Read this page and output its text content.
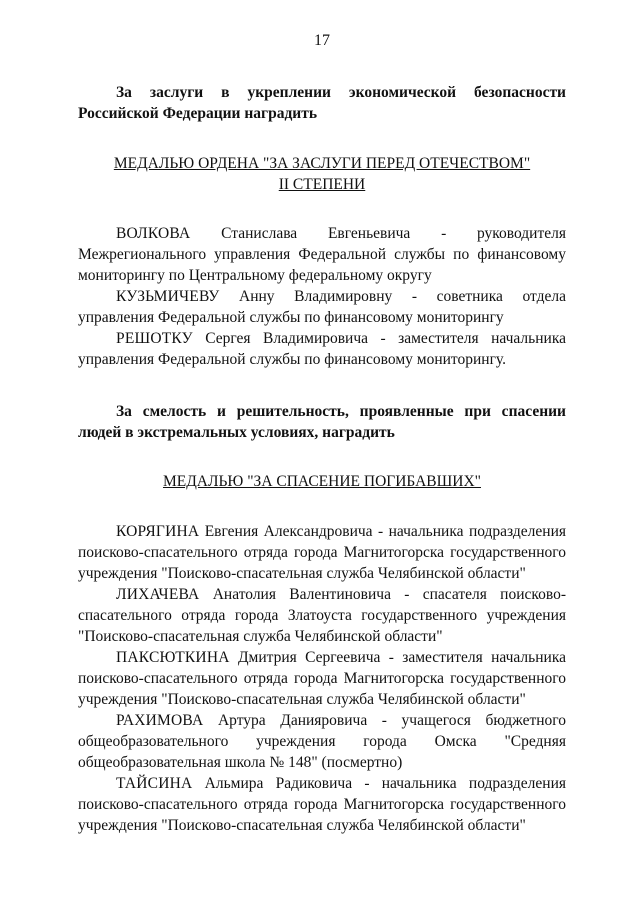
17

За заслуги в укреплении экономической безопасности Российской Федерации наградить

МЕДАЛЬЮ ОРДЕНА "ЗА ЗАСЛУГИ ПЕРЕД ОТЕЧЕСТВОМ"
II СТЕПЕНИ

ВОЛКОВА Станислава Евгеньевича - руководителя Межрегионального управления Федеральной службы по финансовому мониторингу по Центральному федеральному округу

КУЗЬМИЧЕВУ Анну Владимировну - советника отдела управления Федеральной службы по финансовому мониторингу

РЕШОТКУ Сергея Владимировича - заместителя начальника управления Федеральной службы по финансовому мониторингу.

За смелость и решительность, проявленные при спасении людей в экстремальных условиях, наградить

МЕДАЛЬЮ "ЗА СПАСЕНИЕ ПОГИБАВШИХ"

КОРЯГИНА Евгения Александровича - начальника подразделения поисково-спасательного отряда города Магнитогорска государственного учреждения "Поисково-спасательная служба Челябинской области"

ЛИХАЧЕВА Анатолия Валентиновича - спасателя поисково-спасательного отряда города Златоуста государственного учреждения "Поисково-спасательная служба Челябинской области"

ПАКСЮТКИНА Дмитрия Сергеевича - заместителя начальника поисково-спасательного отряда города Магнитогорска государственного учреждения "Поисково-спасательная служба Челябинской области"

РАХИМОВА Артура Данияровича - учащегося бюджетного общеобразовательного учреждения города Омска "Средняя общеобразовательная школа № 148" (посмертно)

ТАЙСИНА Альмира Радиковича - начальника подразделения поисково-спасательного отряда города Магнитогорска государственного учреждения "Поисково-спасательная служба Челябинской области"
